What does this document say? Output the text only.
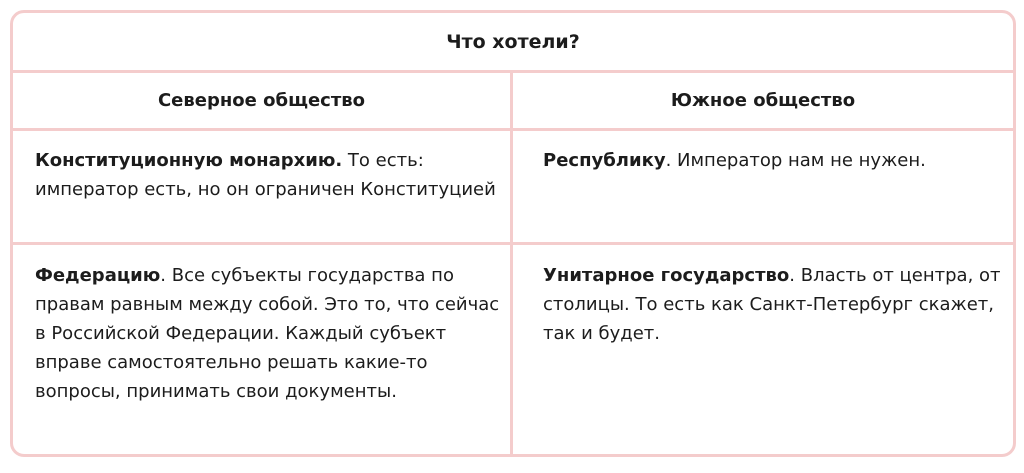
Что хотели?
Северное общество	Южное общество
Конституционную монархию. То есть: император есть, но он ограничен Конституцией
Республику. Император нам не нужен.
Федерацию. Все субъекты государства по правам равным между собой. Это то, что сейчас в Российской Федерации. Каждый субъект вправе самостоятельно решать какие-то вопросы, принимать свои документы.
Унитарное государство. Власть от центра, от столицы. То есть как Санкт-Петербург скажет, так и будет.
